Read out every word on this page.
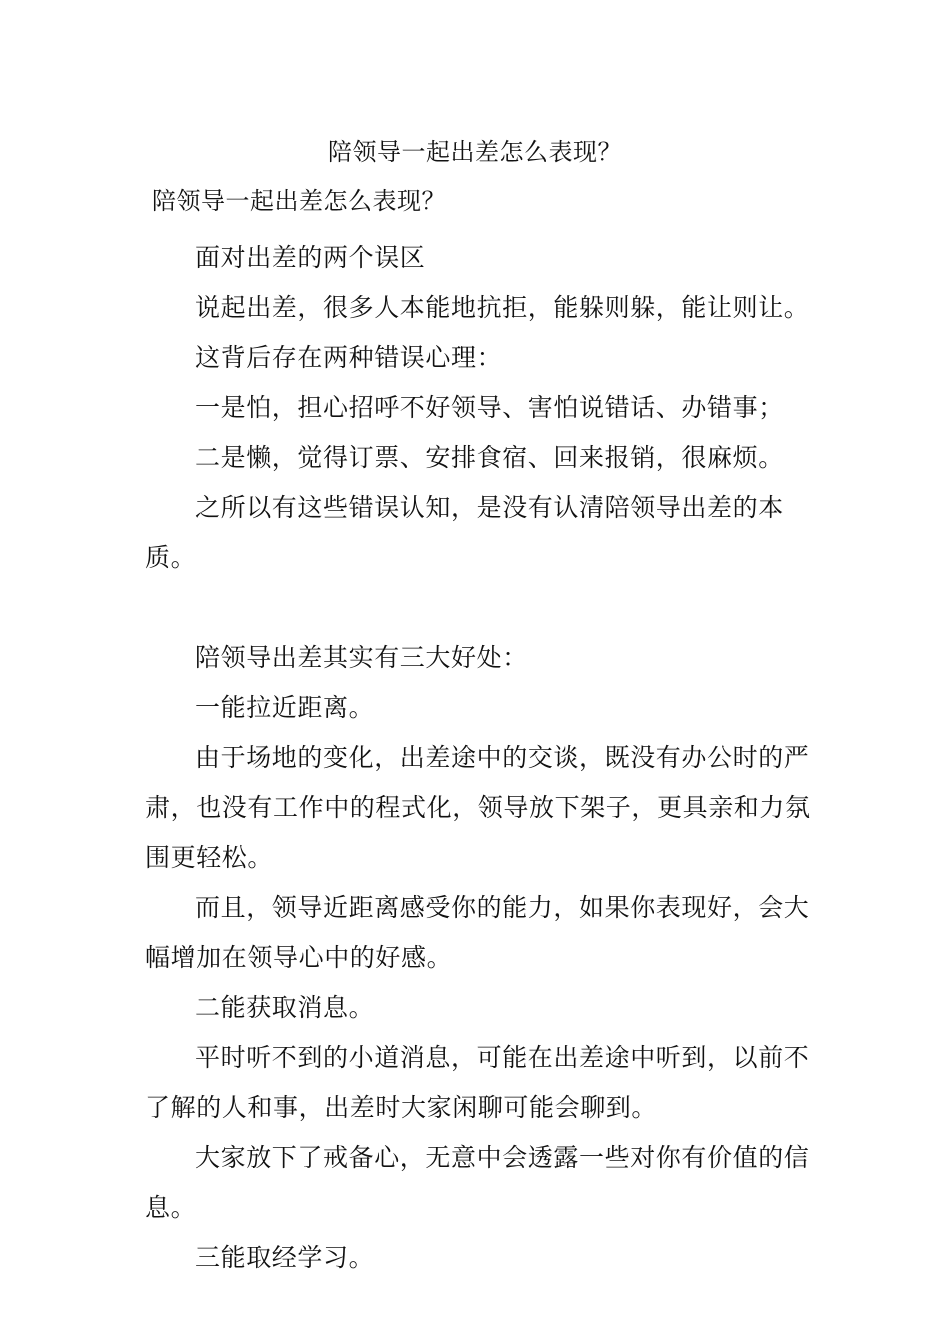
陪领导一起出差怎么表现？
陪领导一起出差怎么表现？

面对出差的两个误区

说起出差，很多人本能地抗拒，能躲则躲，能让则让。

这背后存在两种错误心理：

一是怕，担心招呼不好领导、害怕说错话、办错事；

二是懒，觉得订票、安排食宿、回来报销，很麻烦。

之所以有这些错误认知，是没有认清陪领导出差的本质。

陪领导出差其实有三大好处：

一能拉近距离。

由于场地的变化，出差途中的交谈，既没有办公时的严肃，也没有工作中的程式化，领导放下架子，更具亲和力氛围更轻松。

而且，领导近距离感受你的能力，如果你表现好，会大幅增加在领导心中的好感。

二能获取消息。

平时听不到的小道消息，可能在出差途中听到，以前不了解的人和事，出差时大家闲聊可能会聊到。

大家放下了戒备心，无意中会透露一些对你有价值的信息。

三能取经学习。
